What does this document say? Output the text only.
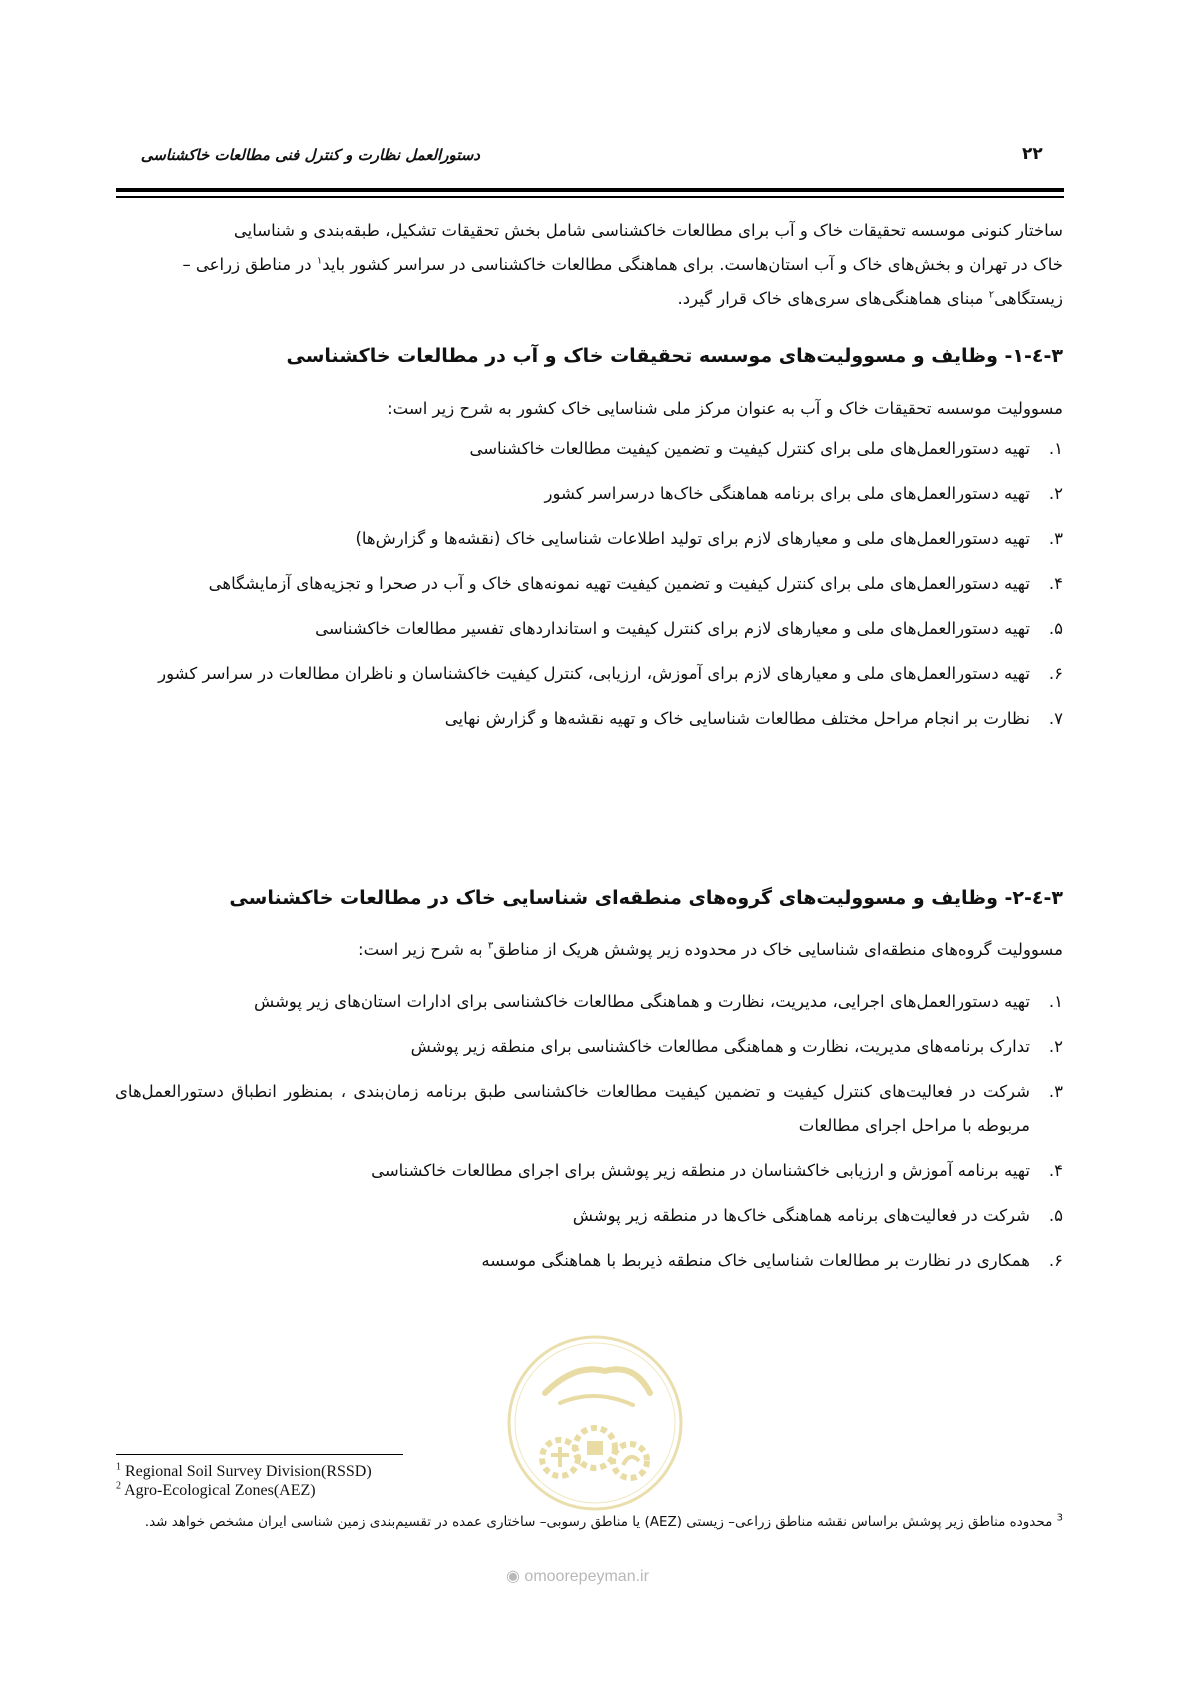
۲۲
دستورالعمل نظارت و کنترل فنی مطالعات خاکشناسی

ساختار کنونی موسسه تحقیقات خاک و آب برای مطالعات خاکشناسی شامل بخش تحقیقات تشکیل، طبقه‌بندی و شناسایی

خاک در تهران و بخش‌های خاک و آب استان‌هاست. برای هماهنگی مطالعات خاکشناسی در سراسر کشور باید$^۱$ در مناطق زراعی –

زیستگاهی$^۲$ مبنای هماهنگی‌های سری‌های خاک قرار گیرد.

۳-٤-۱- وظایف و مسوولیت‌های موسسه تحقیقات خاک و آب در مطالعات خاکشناسی
مسوولیت موسسه تحقیقات خاک و آب به عنوان مرکز ملی شناسایی خاک کشور به شرح زیر است:
۱.
تهیه دستورالعمل‌های ملی برای کنترل کیفیت و تضمین کیفیت مطالعات خاکشناسی
۲.
تهیه دستورالعمل‌های ملی برای برنامه هماهنگی خاک‌ها درسراسر کشور
۳.
تهیه دستورالعمل‌های ملی و معیارهای لازم برای تولید اطلاعات شناسایی خاک (نقشه‌ها و گزارش‌ها)
۴.
تهیه دستورالعمل‌های ملی برای کنترل کیفیت و تضمین کیفیت تهیه نمونه‌های خاک و آب در صحرا و تجزیه‌های آزمایشگاهی
۵.
تهیه دستورالعمل‌های ملی و معیارهای لازم برای کنترل کیفیت و استانداردهای تفسیر مطالعات خاکشناسی
۶.
تهیه دستورالعمل‌های ملی و معیارهای لازم برای آموزش، ارزیابی، کنترل کیفیت خاکشناسان و ناظران مطالعات در سراسر کشور
۷.
نظارت بر انجام مراحل مختلف مطالعات شناسایی خاک و تهیه نقشه‌ها و گزارش نهایی
۳-٤-۲- وظایف و مسوولیت‌های گروه‌های منطقه‌ای شناسایی خاک در مطالعات خاکشناسی
مسوولیت گروه‌های منطقه‌ای شناسایی خاک در محدوده زیر پوشش هریک از مناطق$^۳$ به شرح زیر است:
۱.
تهیه دستورالعمل‌های اجرایی، مدیریت، نظارت و هماهنگی مطالعات خاکشناسی برای ادارات استان‌های زیر پوشش
۲.
تدارک برنامه‌های مدیریت، نظارت و هماهنگی مطالعات خاکشناسی برای منطقه زیر پوشش
۳.
شرکت در فعالیت‌های کنترل کیفیت و تضمین کیفیت مطالعات خاکشناسی طبق برنامه زمان‌بندی ، بمنظور انطباق دستورالعمل‌های مربوطه با مراحل اجرای مطالعات
۴.
تهیه برنامه آموزش و ارزیابی خاکشناسان در منطقه زیر پوشش برای اجرای مطالعات خاکشناسی
۵.
شرکت در فعالیت‌های برنامه هماهنگی خاک‌ها در منطقه زیر پوشش
۶.
همکاری در نظارت بر مطالعات شناسایی خاک منطقه ذیربط با هماهنگی موسسه
$^1$ Regional Soil Survey Division(RSSD)
$^2$ Agro-Ecological Zones(AEZ)
$^3$ محدوده مناطق زیر پوشش براساس نقشه مناطق زراعی– زیستی (AEZ) یا مناطق رسوبی– ساختاری عمده در تقسیم‌بندی زمین شناسی ایران مشخص خواهد شد.
◉ omoorepeyman.ir
